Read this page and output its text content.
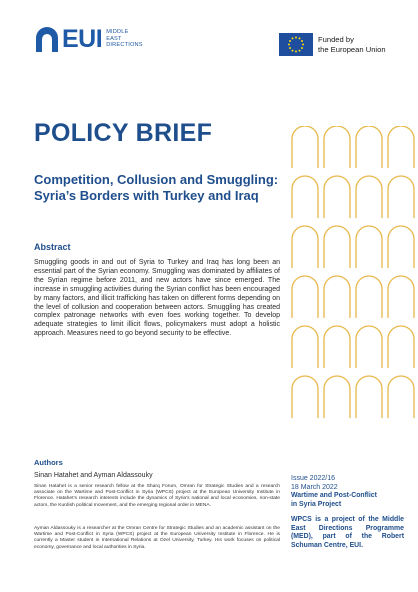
EUI MIDDLE
EAST
DIRECTIONS
Funded by
the European Union
POLICY BRIEF
Competition, Collusion and Smuggling:
Syria’s Borders with Turkey and Iraq
Abstract
Smuggling goods in and out of Syria to Turkey and Iraq has long been an essential part of the Syrian economy. Smuggling was dominated by affiliates of the Syrian regime before 2011, and new actors have since emerged. The increase in smuggling activities during the Syrian conflict has been encouraged by many factors, and illicit trafficking has taken on different forms depending on the level of collusion and cooperation between actors. Smuggling has created complex patronage networks with even foes working together. To develop adequate strategies to limit illicit flows, policymakers must adopt a holistic approach. Measures need to go beyond security to be effective.
Authors
Sinan Hatahet and Ayman Aldassouky
Sinan Hatahet is a senior research fellow at the Sharq Forum, Omran for Strategic Studies and a research associate on the Wartime and Post-Conflict in Syria (WPCS) project at the European University Institute in Florence. Hatahet’s research interests include the dynamics of Syria’s national and local economies, non-state actors, the Kurdish political movement, and the emerging regional order in MENA.
Ayman Aldassouky is a researcher at the Omran Centre for Strategic Studies and an academic assistant on the Wartime and Post-Conflict in Syria (WPCS) project at the European University Institute in Florence. He is currently a Master student in International Relations at Ozel University, Turkey. His work focuses on political economy, governance and local authorities in Syria.
Issue 2022/16
18 March 2022
Wartime and Post-Conflict
in Syria Project
WPCS is a project of the Middle East Directions Programme (MED), part of the Robert Schuman Centre, EUI.
